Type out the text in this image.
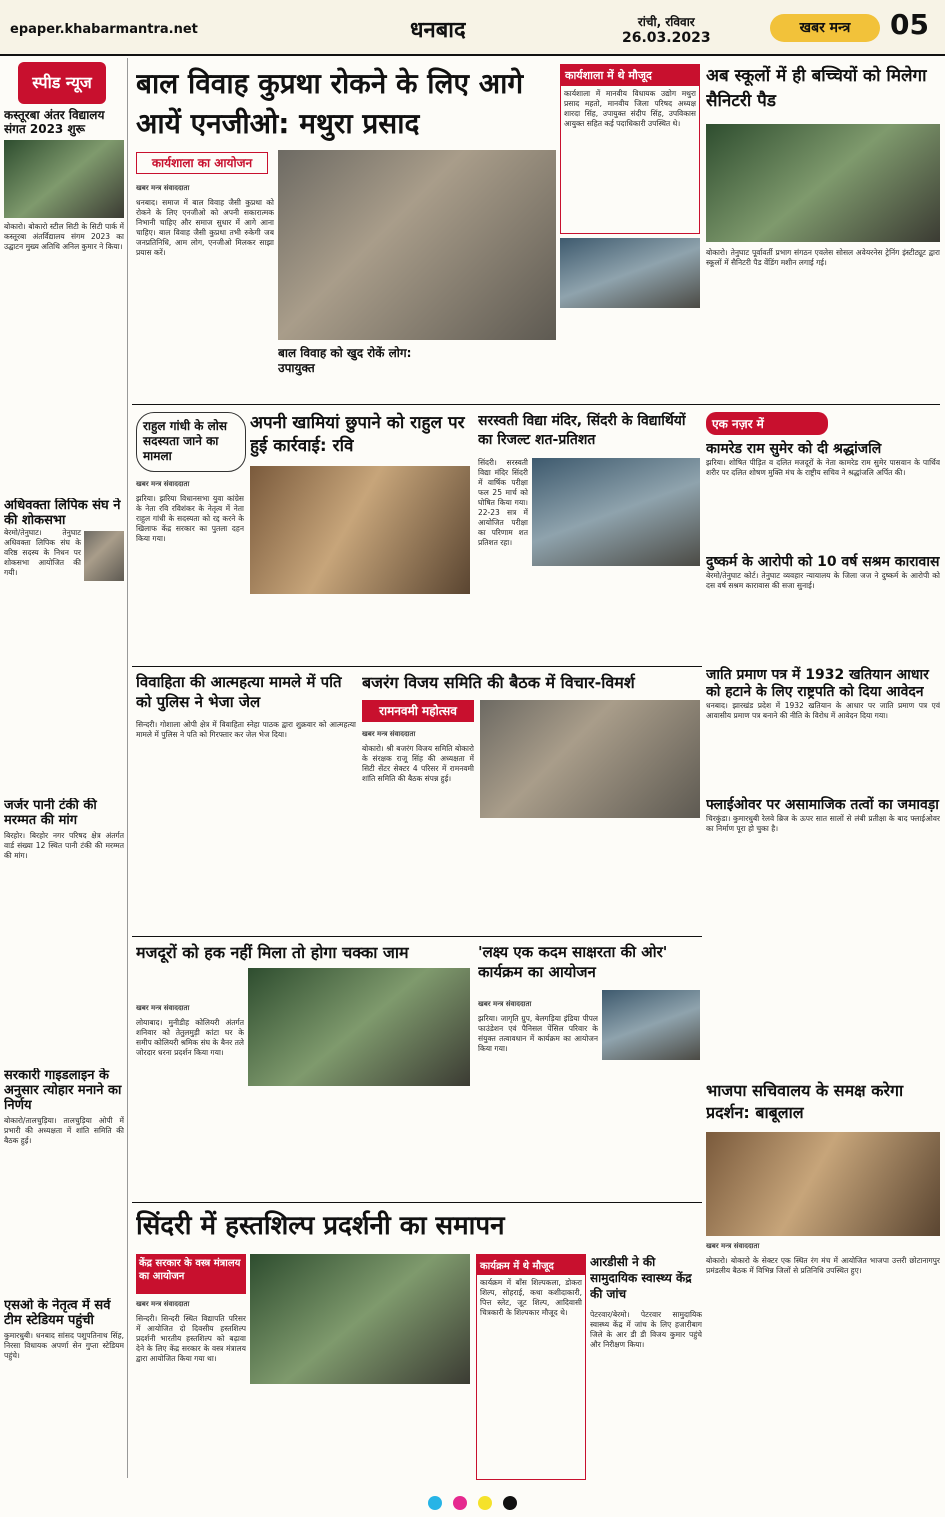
epaper.khabarmantra.net	धनबाद	रांची, रविवार
26.03.2023
खबर मन्त्र	05
स्पीड न्यूज
कस्तूरबा अंतर विद्यालय संगत 2023 शुरू
बोकारो। बोकारो स्टील सिटी के सिटी पार्क में कस्तूरबा अंतर्विद्यालय संगम 2023 का उद्घाटन मुख्य अतिथि अनिल कुमार ने किया।
अधिवक्ता लिपिक संघ ने की शोकसभा
बेरमो/तेनुघाट। तेनुघाट अधिवक्ता लिपिक संघ के वरिष्ठ सदस्य के निधन पर शोकसभा आयोजित की गयी।
जर्जर पानी टंकी की मरम्मत की मांग
बिरहोर। बिरहोर नगर परिषद क्षेत्र अंतर्गत वार्ड संख्या 12 स्थित पानी टंकी की मरम्मत की मांग।
सरकारी गाइडलाइन के अनुसार त्योहार मनाने का निर्णय
बोकारो/तालचुड़िया। तालचुड़िया ओपी में प्रभारी की अध्यक्षता में शांति समिति की बैठक हुई।
एसओ के नेतृत्व में सर्व टीम स्टेडियम पहुंची
कुमारधुबी। धनबाद सांसद पशुपतिनाथ सिंह, निरसा विधायक अपर्णा सेन गुप्ता स्टेडियम पहुंचे।
बाल विवाह कुप्रथा रोकने के लिए आगे आयें एनजीओ: मथुरा प्रसाद
कार्यशाला का आयोजन
खबर मन्त्र संवाददाता
धनबाद। समाज में बाल विवाह जैसी कुप्रथा को रोकने के लिए एनजीओ को अपनी सकारात्मक निभानी चाहिए और समाज सुधार में आगे आना चाहिए। बाल विवाह जैसी कुप्रथा तभी रुकेगी जब जनप्रतिनिधि, आम लोग, एनजीओ मिलकर साझा प्रयास करें।
बाल विवाह को खुद रोकें लोग: उपायुक्त
कार्यशाला में थे मौजूद
कार्यशाला में मानवीय विधायक उद्योग मथुरा प्रसाद महतो, मानवीय जिला परिषद अध्यक्ष शारदा सिंह, उपायुक्त संदीप सिंह, उपविकास आयुक्त सहित कई पदाधिकारी उपस्थित थे।
अब स्कूलों में ही बच्चियों को मिलेगा सैनिटरी पैड
बोकारो। तेनुघाट पूर्वावर्ती प्रभाग संगठन एवलेस सोसल अवेयरनेस ट्रेनिंग इंस्टीट्यूट द्वारा स्कूलों में सैनिटरी पैड वेंडिंग मशीन लगाई गई।
राहुल गांधी के लोस सदस्यता जाने का मामला
अपनी खामियां छुपाने को राहुल पर हुई कार्रवाई: रवि
खबर मन्त्र संवाददाता
झरिया। झरिया विधानसभा युवा कांग्रेस के नेता रवि रविशंकर के नेतृत्व में नेता राहुल गांधी के सदस्यता को रद्द करने के खिलाफ केंद्र सरकार का पुतला दहन किया गया।
सरस्वती विद्या मंदिर, सिंदरी के विद्यार्थियों का रिजल्ट शत-प्रतिशत
सिंदरी। सरस्वती विद्या मंदिर सिंदरी में वार्षिक परीक्षा फल 25 मार्च को घोषित किया गया। 22-23 सत्र में आयोजित परीक्षा का परिणाम शत प्रतिशत रहा।
एक नज़र में
कामरेड राम सुमेर को दी श्रद्धांजलि
झरिया। शोषित पीड़ित व दलित मजदूरों के नेता कामरेड राम सुमेर पासवान के पार्थिव शरीर पर दलित शोषण मुक्ति मंच के राष्ट्रीय सचिव ने श्रद्धांजलि अर्पित की।
दुष्कर्म के आरोपी को 10 वर्ष सश्रम कारावास
बेरमो/तेनुघाट कोर्ट। तेनुघाट व्यवहार न्यायालय के जिला जज ने दुष्कर्म के आरोपी को दस वर्ष सश्रम कारावास की सजा सुनाई।
जाति प्रमाण पत्र में 1932 खतियान आधार को हटाने के लिए राष्ट्रपति को दिया आवेदन
धनबाद। झारखंड प्रदेश में 1932 खतियान के आधार पर जाति प्रमाण पत्र एवं आवासीय प्रमाण पत्र बनाने की नीति के विरोध में आवेदन दिया गया।
फ्लाईओवर पर असामाजिक तत्वों का जमावड़ा
चिरकुंडा। कुमारधुबी रेलवे ब्रिज के ऊपर सात सालों से लंबी प्रतीक्षा के बाद फ्लाईओवर का निर्माण पूरा हो चुका है।
विवाहिता की आत्महत्या मामले में पति को पुलिस ने भेजा जेल
सिन्दरी। गोशाला ओपी क्षेत्र में विवाहिता स्नेहा पाठक द्वारा शुक्रवार को आत्महत्या मामले में पुलिस ने पति को गिरफ्तार कर जेल भेज दिया।
बजरंग विजय समिति की बैठक में विचार-विमर्श
रामनवमी महोत्सव
खबर मन्त्र संवाददाता
बोकारो। श्री बजरंग विजय समिति बोकारो के संरक्षक राजू सिंह की अध्यक्षता में सिटी सेंटर सेक्टर 4 परिसर में रामनवमी शांति समिति की बैठक संपन्न हुई।
मजदूरों को हक नहीं मिला तो होगा चक्का जाम
खबर मन्त्र संवाददाता
लोयाबाद। मुनीडीह कोलियरी अंतर्गत शनिवार को तेतुलमुड़ी कांटा घर के समीप कोलियरी श्रमिक संघ के बैनर तले जोरदार धरना प्रदर्शन किया गया।
'लक्ष्य एक कदम साक्षरता की ओर' कार्यक्रम का आयोजन
खबर मन्त्र संवाददाता
झरिया। जागृति ग्रुप, बेलगड़िया इंडिया पीपल फाउंडेशन एवं पैनिसल पेंसिल परिवार के संयुक्त तत्वावधान में कार्यक्रम का आयोजन किया गया।
भाजपा सचिवालय के समक्ष करेगा प्रदर्शन: बाबूलाल
खबर मन्त्र संवाददाता
बोकारो। बोकारो के सेक्टर एक स्थित रंग मंच में आयोजित भाजपा उत्तरी छोटानागपुर प्रमंडलीय बैठक में विभिन्न जिलों से प्रतिनिधि उपस्थित हुए।
सिंदरी में हस्तशिल्प प्रदर्शनी का समापन
केंद्र सरकार के वस्त्र मंत्रालय का आयोजन
खबर मन्त्र संवाददाता
सिन्दरी। सिन्दरी स्थित विद्यापति परिसर में आयोजित दो दिवसीय हस्तशिल्प प्रदर्शनी भारतीय हस्तशिल्प को बढ़ावा देने के लिए केंद्र सरकार के वस्त्र मंत्रालय द्वारा आयोजित किया गया था।
कार्यक्रम में थे मौजूद
कार्यक्रम में बाँस शिल्पकला, डोकरा शिल्प, सोहराई, कथा कशीदाकारी, पित्त स्लेट, जूट शिल्प, आदिवासी चित्रकारी के शिल्पकार मौजूद थे।
आरडीसी ने की सामुदायिक स्वास्थ्य केंद्र की जांच
पेटरवार/बेरमो। पेटरवार सामुदायिक स्वास्थ्य केंद्र में जांच के लिए हजारीबाग जिले के आर डी डी विजय कुमार पहुंचे और निरीक्षण किया।
